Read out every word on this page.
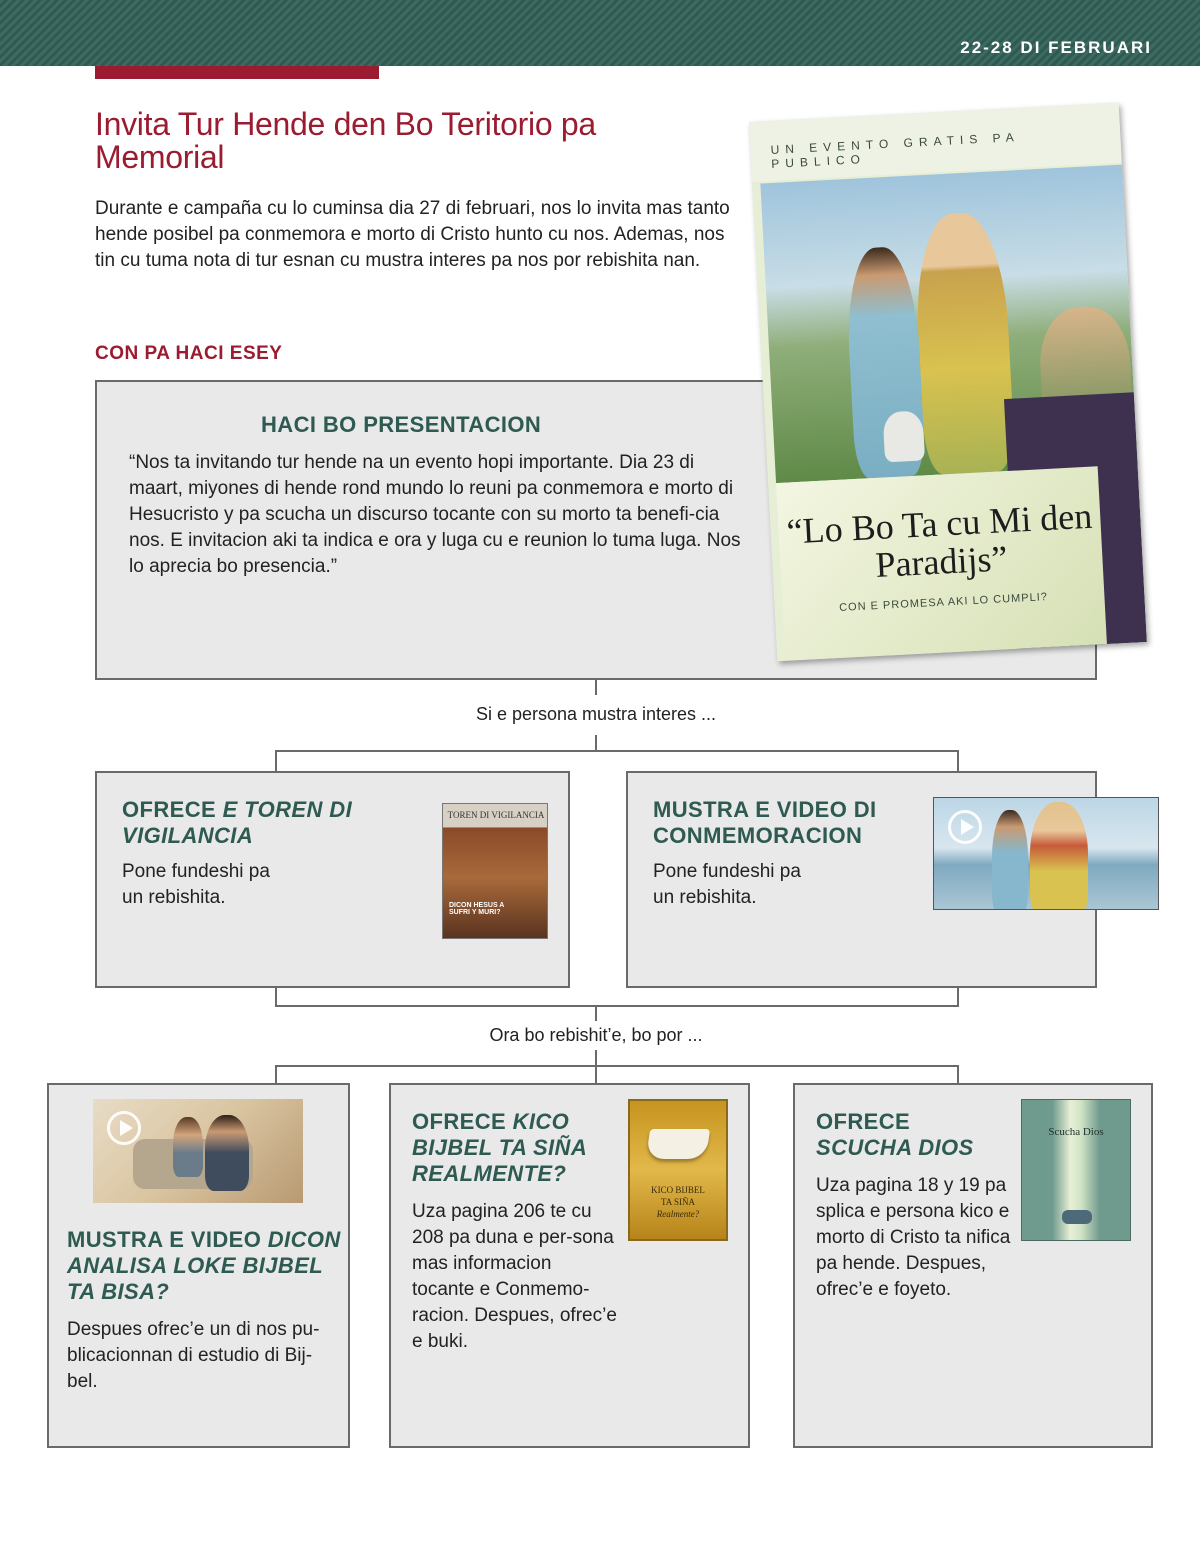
22-28 DI FEBRUARI
Invita Tur Hende den Bo Teritorio pa Memorial

Durante e campaña cu lo cuminsa dia 27 di februari, nos lo invita mas tanto hende posibel pa conmemora e morto di Cristo hunto cu nos. Ademas, nos tin cu tuma nota di tur esnan cu mustra interes pa nos por rebishita nan.

CON PA HACI ESEY
HACI BO PRESENTACION

“Nos ta invitando tur hende na un evento hopi importante. Dia 23 di maart, miyones di hende rond mundo lo reuni pa conmemora e morto di Hesucristo y pa scucha un discurso tocante con su morto ta benefi-cia nos. E invitacion aki ta indica e ora y luga cu e reunion lo tuma luga. Nos lo aprecia bo presencia.”

UN EVENTO GRATIS PA PUBLICO
“Lo Bo Ta cu Mi den Paradijs”
CON E PROMESA AKI LO CUMPLI?
Si e persona mustra interes ...
OFRECE E TOREN DI VIGILANCIA

Pone fundeshi pa un rebishita.

TOREN DI VIGILANCIA
DICON HESUS A SUFRI Y MURI?
MUSTRA E VIDEO DI CONMEMORACION

Pone fundeshi pa un rebishita.

Ora bo rebishit’e, bo por ...
MUSTRA E VIDEO DICON ANALISA LOKE BIJBEL TA BISA?

Despues ofrec’e un di nos pu-blicacionnan di estudio di Bij-bel.

OFRECE KICO BIJBEL TA SIÑA REALMENTE?

Uza pagina 206 te cu 208 pa duna e per-sona mas informacion tocante e Conmemo-racion. Despues, ofrec’e e buki.

KICO BIJBEL
TA SIÑA
Realmente?
OFRECE
SCUCHA DIOS

Uza pagina 18 y 19 pa splica e persona kico e morto di Cristo ta nifica pa hende. Despues, ofrec’e e foyeto.

Scucha Dios
